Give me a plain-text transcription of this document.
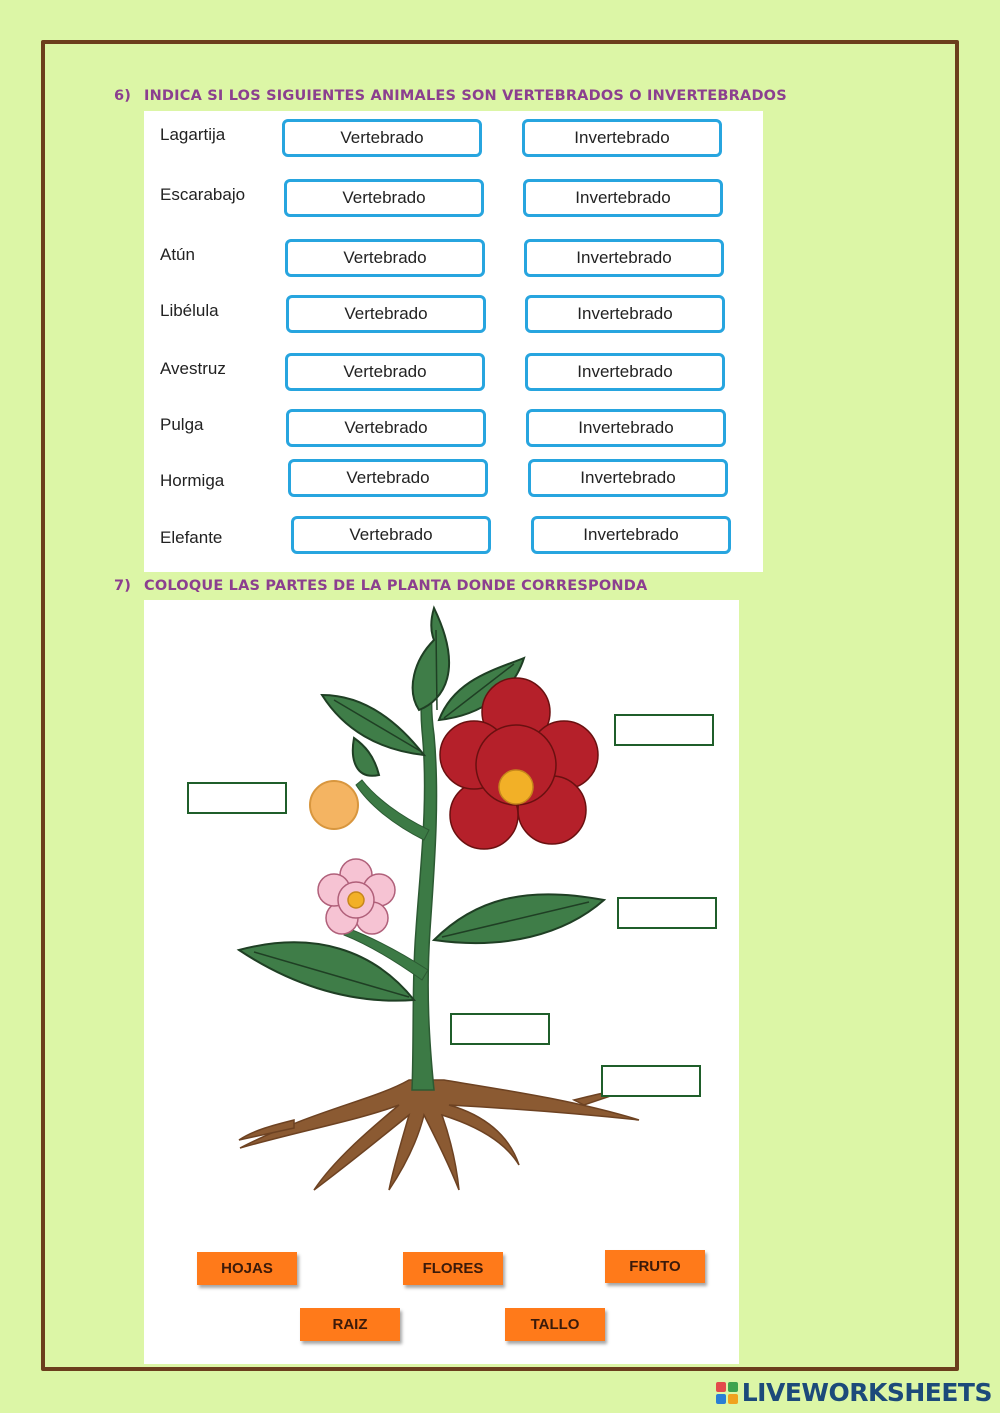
6) INDICA SI LOS SIGUIENTES ANIMALES SON VERTEBRADOS O INVERTEBRADOS
Lagartija	Vertebrado	Invertebrado
Escarabajo	Vertebrado	Invertebrado
Atún	Vertebrado	Invertebrado
Libélula	Vertebrado	Invertebrado
Avestruz	Vertebrado	Invertebrado
Pulga	Vertebrado	Invertebrado
Hormiga	Vertebrado	Invertebrado
Elefante	Vertebrado	Invertebrado
7) COLOQUE LAS PARTES DE LA PLANTA DONDE CORRESPONDA
HOJAS	FLORES	FRUTO
RAIZ	TALLO
LIVEWORKSHEETS
